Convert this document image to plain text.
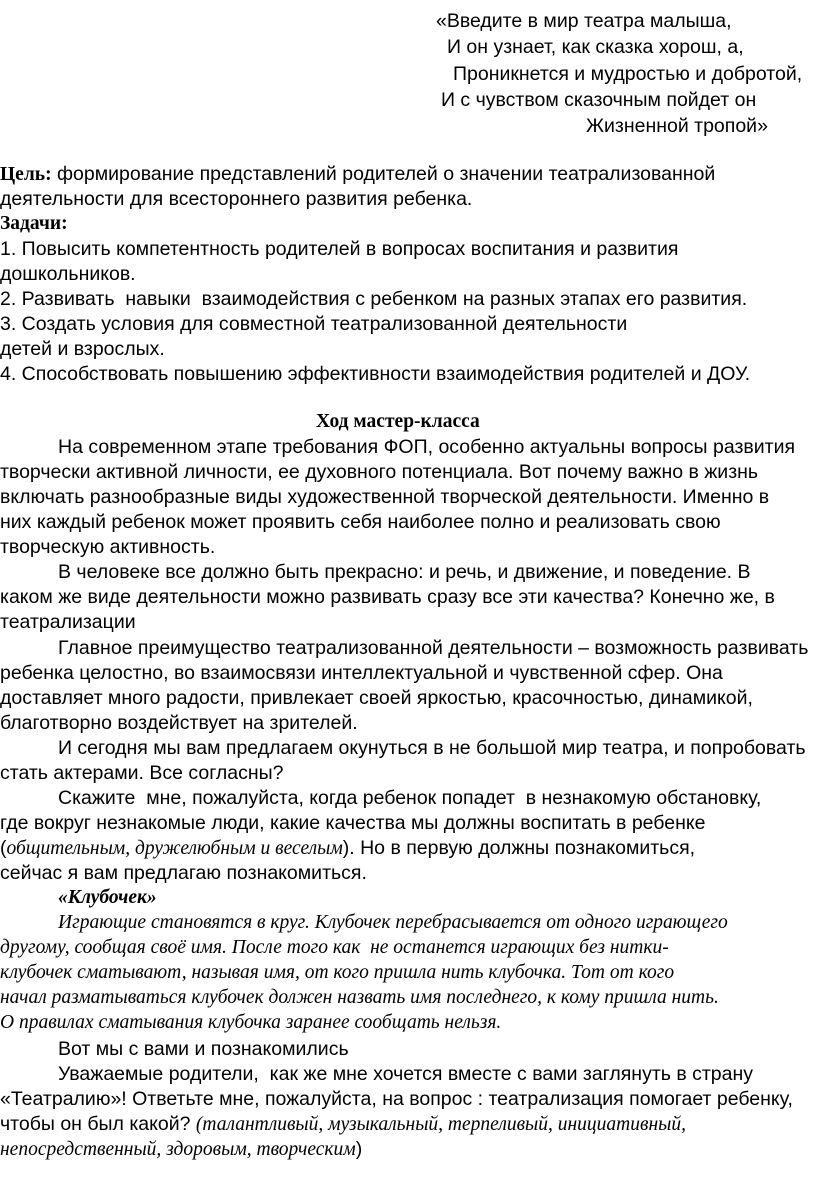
«Введите в мир театра малыша,
И он узнает, как сказка хорош, а,
Проникнется и мудростью и добротой,
И с чувством сказочным пойдет он
Жизненной тропой»
Цель: формирование представлений родителей о значении театрализованной
деятельности для всестороннего развития ребенка.
Задачи:
1. Повысить компетентность родителей в вопросах воспитания и развития
дошкольников.
2. Развивать  навыки  взаимодействия с ребенком на разных этапах его развития.
3. Создать условия для совместной театрализованной деятельности
детей и взрослых.
4. Способствовать повышению эффективности взаимодействия родителей и ДОУ.
Ход мастер-класса
На современном этапе требования ФОП, особенно актуальны вопросы развития
творчески активной личности, ее духовного потенциала. Вот почему важно в жизнь
включать разнообразные виды художественной творческой деятельности. Именно в
них каждый ребенок может проявить себя наиболее полно и реализовать свою
творческую активность.
В человеке все должно быть прекрасно: и речь, и движение, и поведение. В
каком же виде деятельности можно развивать сразу все эти качества? Конечно же, в
театрализации
Главное преимущество театрализованной деятельности – возможность развивать
ребенка целостно, во взаимосвязи интеллектуальной и чувственной сфер. Она
доставляет много радости, привлекает своей яркостью, красочностью, динамикой,
благотворно воздействует на зрителей.
И сегодня мы вам предлагаем окунуться в не большой мир театра, и попробовать
стать актерами. Все согласны?
Скажите  мне, пожалуйста, когда ребенок попадет  в незнакомую обстановку,
где вокруг незнакомые люди, какие качества мы должны воспитать в ребенке
(общительным, дружелюбным и веселым). Но в первую должны познакомиться,
сейчас я вам предлагаю познакомиться.
«Клубочек»
Играющие становятся в круг. Клубочек перебрасывается от одного играющего
другому, сообщая своё имя. После того как  не останется играющих без нитки-
клубочек сматывают, называя имя, от кого пришла нить клубочка. Тот от кого
начал разматываться клубочек должен назвать имя последнего, к кому пришла нить.
О правилах сматывания клубочка заранее сообщать нельзя.
Вот мы с вами и познакомились
Уважаемые родители,  как же мне хочется вместе с вами заглянуть в страну
«Театралию»! Ответьте мне, пожалуйста, на вопрос : театрализация помогает ребенку,
чтобы он был какой? (талантливый, музыкальный, терпеливый, инициативный,
непосредственный, здоровым, творческим)
